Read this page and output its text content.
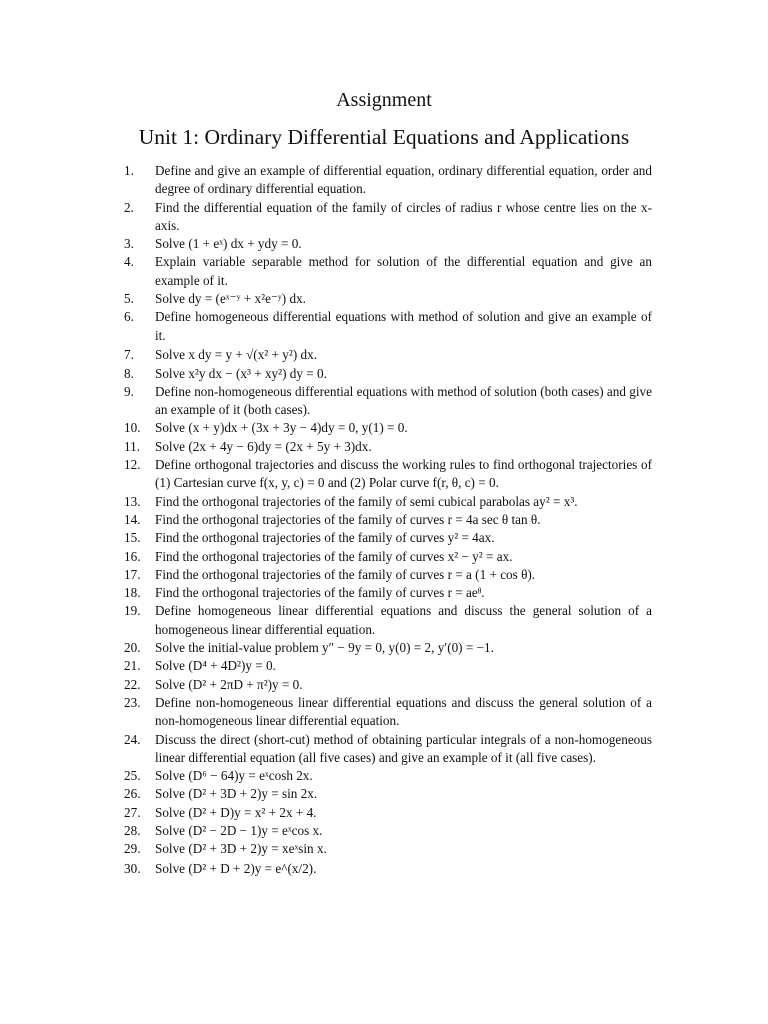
Assignment
Unit 1: Ordinary Differential Equations and Applications
1.	Define and give an example of differential equation, ordinary differential equation, order and degree of ordinary differential equation.
2.	Find the differential equation of the family of circles of radius r whose centre lies on the x-axis.
3.	Solve (1 + eˣ) dx + ydy = 0.
4.	Explain variable separable method for solution of the differential equation and give an example of it.
5.	Solve dy = (eˣ⁻ʸ + x²e⁻ʸ) dx.
6.	Define homogeneous differential equations with method of solution and give an example of it.
7.	Solve x dy = y + √(x² + y²) dx.
8.	Solve x²y dx − (x³ + xy²) dy = 0.
9.	Define non-homogeneous differential equations with method of solution (both cases) and give an example of it (both cases).
10.	Solve (x + y)dx + (3x + 3y − 4)dy = 0, y(1) = 0.
11.	Solve (2x + 4y − 6)dy = (2x + 5y + 3)dx.
12.	Define orthogonal trajectories and discuss the working rules to find orthogonal trajectories of (1) Cartesian curve f(x, y, c) = 0 and (2) Polar curve f(r, θ, c) = 0.
13.	Find the orthogonal trajectories of the family of semi cubical parabolas ay² = x³.
14.	Find the orthogonal trajectories of the family of curves r = 4a sec θ tan θ.
15.	Find the orthogonal trajectories of the family of curves y² = 4ax.
16.	Find the orthogonal trajectories of the family of curves x² − y² = ax.
17.	Find the orthogonal trajectories of the family of curves r = a (1 + cos θ).
18.	Find the orthogonal trajectories of the family of curves r = aeᶿ.
19.	Define homogeneous linear differential equations and discuss the general solution of a homogeneous linear differential equation.
20.	Solve the initial-value problem y″ − 9y = 0, y(0) = 2, y′(0) = −1.
21.	Solve (D⁴ + 4D²)y = 0.
22.	Solve (D² + 2πD + π²)y = 0.
23.	Define non-homogeneous linear differential equations and discuss the general solution of a non-homogeneous linear differential equation.
24.	Discuss the direct (short-cut) method of obtaining particular integrals of a non-homogeneous linear differential equation (all five cases) and give an example of it (all five cases).
25.	Solve (D⁶ − 64)y = eˣcosh 2x.
26.	Solve (D² + 3D + 2)y = sin 2x.
27.	Solve (D² + D)y = x² + 2x + 4.
28.	Solve (D² − 2D − 1)y = eˣcos x.
29.	Solve (D² + 3D + 2)y = xeˣsin x.
30.	Solve (D² + D + 2)y = e^(x/2).
